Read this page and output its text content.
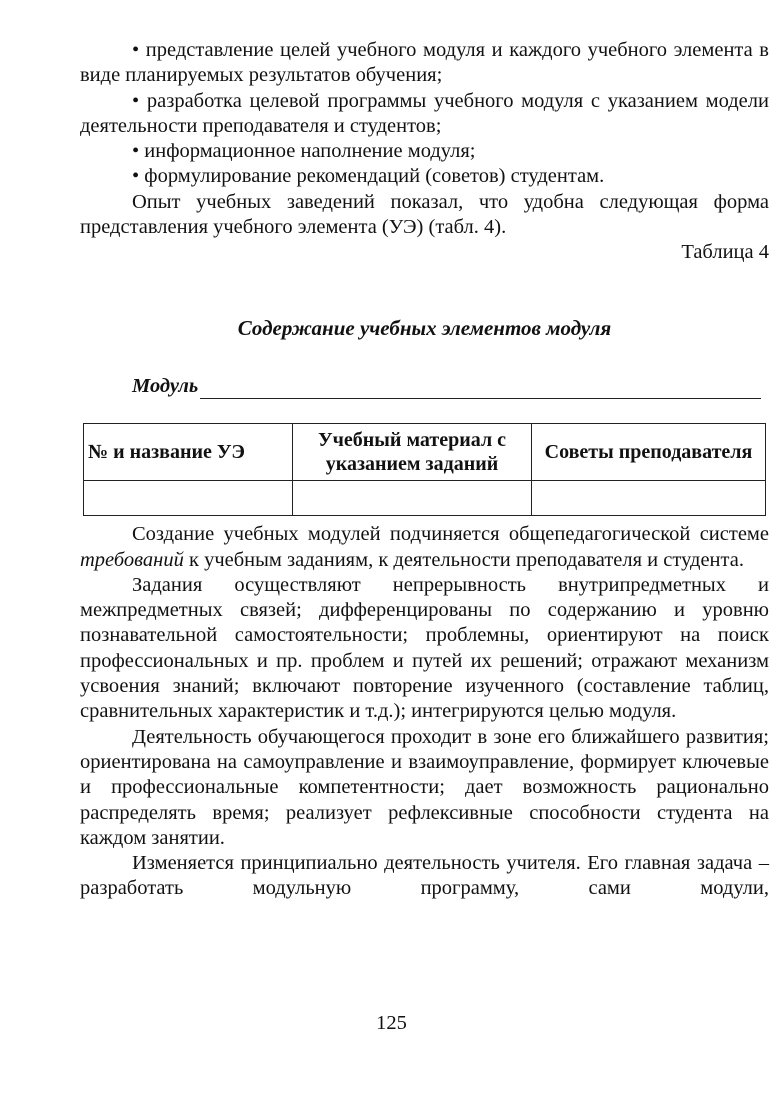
• представление целей учебного модуля и каждого учебного элемента в виде планируемых результатов обучения;

• разработка целевой программы учебного модуля с указанием модели деятельности преподавателя и студентов;

• информационное наполнение модуля;

• формулирование рекомендаций (советов) студентам.

Опыт учебных заведений показал, что удобна следующая форма представления учебного элемента (УЭ) (табл. 4).

Таблица 4

Содержание учебных элементов модуля

Модуль
№ и название УЭ	Учебный материал с указанием заданий	Советы преподавателя

Создание учебных модулей подчиняется общепедагогической системе требований к учебным заданиям, к деятельности преподавателя и студента.

Задания осуществляют непрерывность внутрипредметных и межпредметных связей; дифференцированы по содержанию и уровню познавательной самостоятельности; проблемны, ориентируют на поиск профессиональных и пр. проблем и путей их решений; отражают механизм усвоения знаний; включают повторение изученного (составление таблиц, сравнительных характеристик и т.д.); интегрируются целью модуля.

Деятельность обучающегося проходит в зоне его ближайшего развития; ориентирована на самоуправление и взаимоуправление, формирует ключевые и профессиональные компетентности; дает возможность рационально распределять время; реализует рефлексивные способности студента на каждом занятии.

Изменяется принципиально деятельность учителя. Его главная задача – разработать модульную программу, сами модули,

125
